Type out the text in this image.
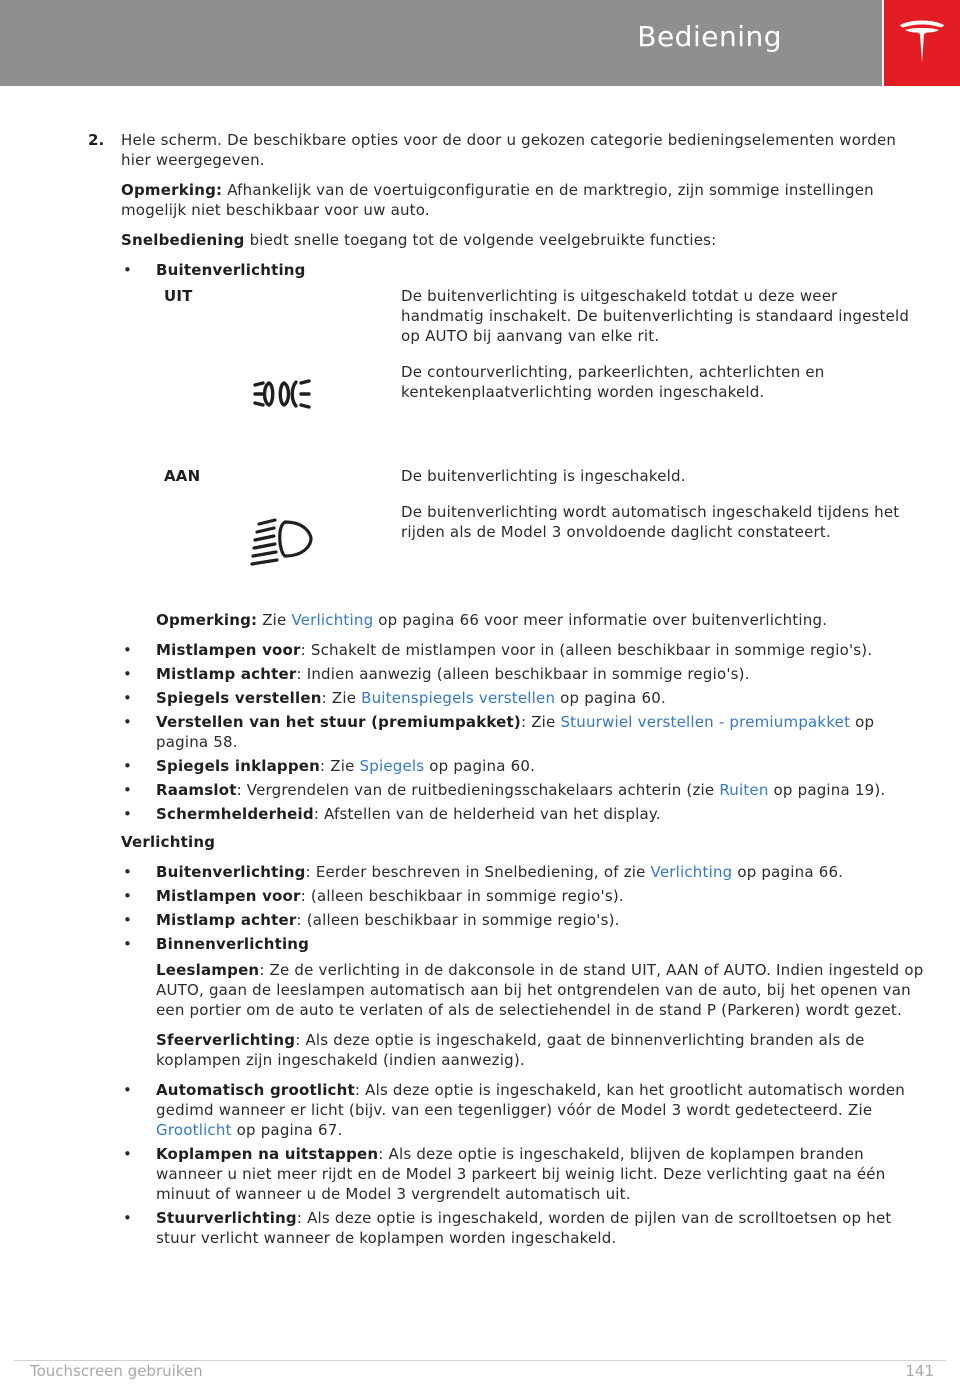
Bediening
2.	Hele scherm. De beschikbare opties voor de door u gekozen categorie bedieningselementen worden hier weergegeven.
Opmerking: Afhankelijk van de voertuigconfiguratie en de marktregio, zijn sommige instellingen mogelijk niet beschikbaar voor uw auto.
Snelbediening biedt snelle toegang tot de volgende veelgebruikte functies:
•	Buitenverlichting
UIT	De buitenverlichting is uitgeschakeld totdat u deze weer handmatig inschakelt. De buitenverlichting is standaard ingesteld op AUTO bij aanvang van elke rit.
De contourverlichting, parkeerlichten, achterlichten en kentekenplaatverlichting worden ingeschakeld.
AAN	De buitenverlichting is ingeschakeld.
De buitenverlichting wordt automatisch ingeschakeld tijdens het rijden als de Model 3 onvoldoende daglicht constateert.
Opmerking: Zie Verlichting op pagina 66 voor meer informatie over buitenverlichting.
•	Mistlampen voor: Schakelt de mistlampen voor in (alleen beschikbaar in sommige regio's).
•	Mistlamp achter: Indien aanwezig (alleen beschikbaar in sommige regio's).
•	Spiegels verstellen: Zie Buitenspiegels verstellen op pagina 60.
•	Verstellen van het stuur (premiumpakket): Zie Stuurwiel verstellen - premiumpakket op pagina 58.
•	Spiegels inklappen: Zie Spiegels op pagina 60.
•	Raamslot: Vergrendelen van de ruitbedieningsschakelaars achterin (zie Ruiten op pagina 19).
•	Schermhelderheid: Afstellen van de helderheid van het display.
Verlichting
•	Buitenverlichting: Eerder beschreven in Snelbediening, of zie Verlichting op pagina 66.
•	Mistlampen voor: (alleen beschikbaar in sommige regio's).
•	Mistlamp achter: (alleen beschikbaar in sommige regio's).
•	Binnenverlichting
Leeslampen: Ze de verlichting in de dakconsole in de stand UIT, AAN of AUTO. Indien ingesteld op AUTO, gaan de leeslampen automatisch aan bij het ontgrendelen van de auto, bij het openen van een portier om de auto te verlaten of als de selectiehendel in de stand P (Parkeren) wordt gezet.
Sfeerverlichting: Als deze optie is ingeschakeld, gaat de binnenverlichting branden als de koplampen zijn ingeschakeld (indien aanwezig).
•	Automatisch grootlicht: Als deze optie is ingeschakeld, kan het grootlicht automatisch worden gedimd wanneer er licht (bijv. van een tegenligger) vóór de Model 3 wordt gedetecteerd. Zie Grootlicht op pagina 67.
•	Koplampen na uitstappen: Als deze optie is ingeschakeld, blijven de koplampen branden wanneer u niet meer rijdt en de Model 3 parkeert bij weinig licht. Deze verlichting gaat na één minuut of wanneer u de Model 3 vergrendelt automatisch uit.
•	Stuurverlichting: Als deze optie is ingeschakeld, worden de pijlen van de scrolltoetsen op het stuur verlicht wanneer de koplampen worden ingeschakeld.
Touchscreen gebruiken	141
